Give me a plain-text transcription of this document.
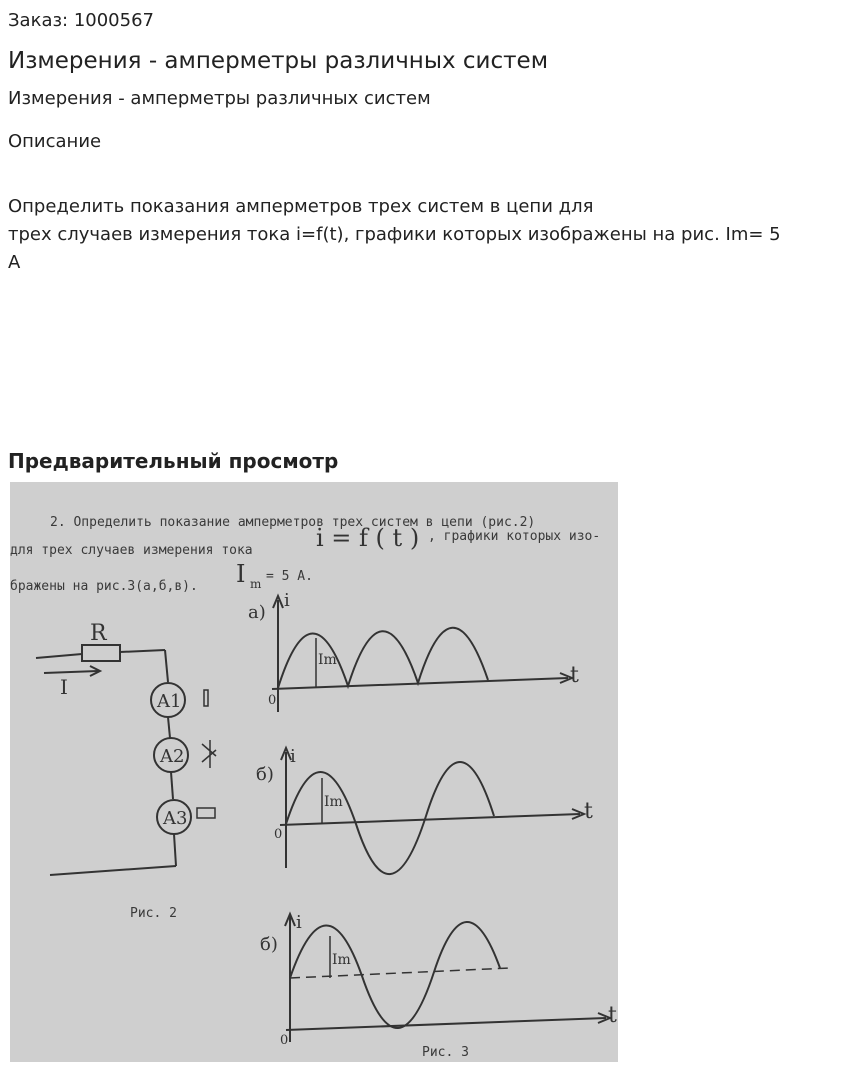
Заказ: 1000567
Измерения - амперметры различных систем
Измерения - амперметры различных систем
Описание
Определить показания амперметров трех систем в цепи для
трех случаев измерения тока i=f(t), графики которых изображены на рис. Im= 5
А
Предварительный просмотр
2. Определить показание амперметров трех систем в цепи (рис.2)
для трех случаев измерения тока	i = f ( t ) , графики которых изо-
бражены на рис.3(а,б,в). I m = 5 А.
R
I
A1
A2
A3
Рис. 2
а)
i
t
0
Im
б)
i
t
0
Im
б)
i
t
0
Im
Рис. 3
